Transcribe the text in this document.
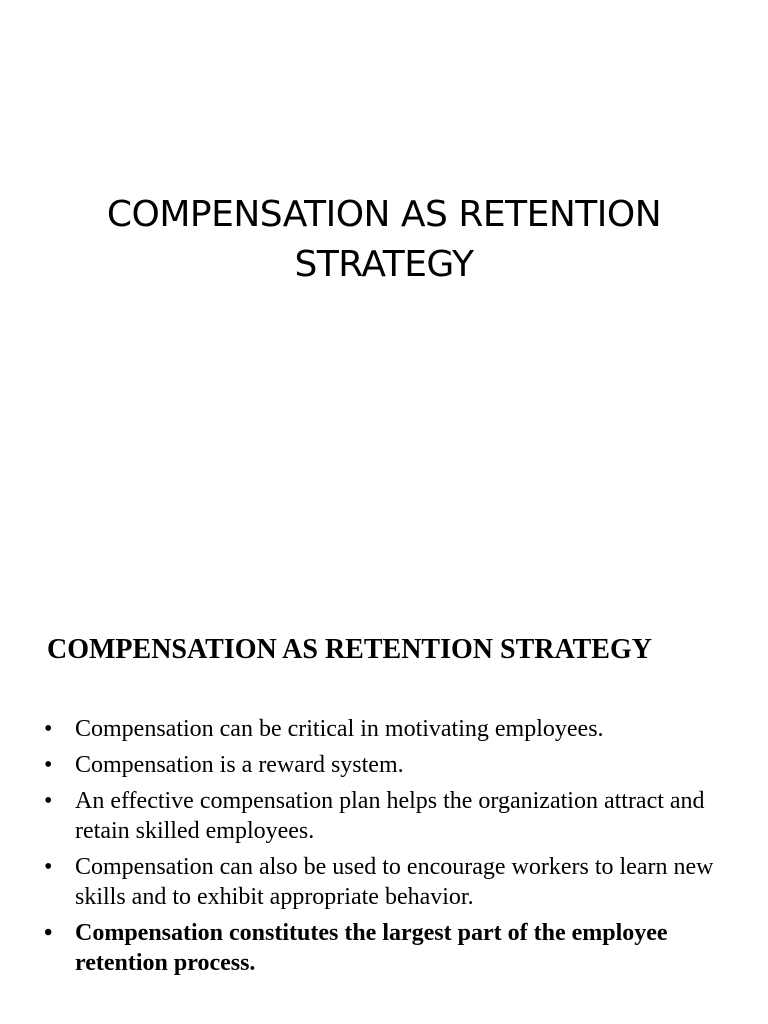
COMPENSATION AS RETENTION
STRATEGY
COMPENSATION AS RETENTION STRATEGY
• Compensation can be critical in motivating employees.
• Compensation is a reward system.
• An effective compensation plan helps the organization attract and retain skilled employees.
• Compensation can also be used to encourage workers to learn new skills and to exhibit appropriate behavior.
• Compensation constitutes the largest part of the employee retention process.
